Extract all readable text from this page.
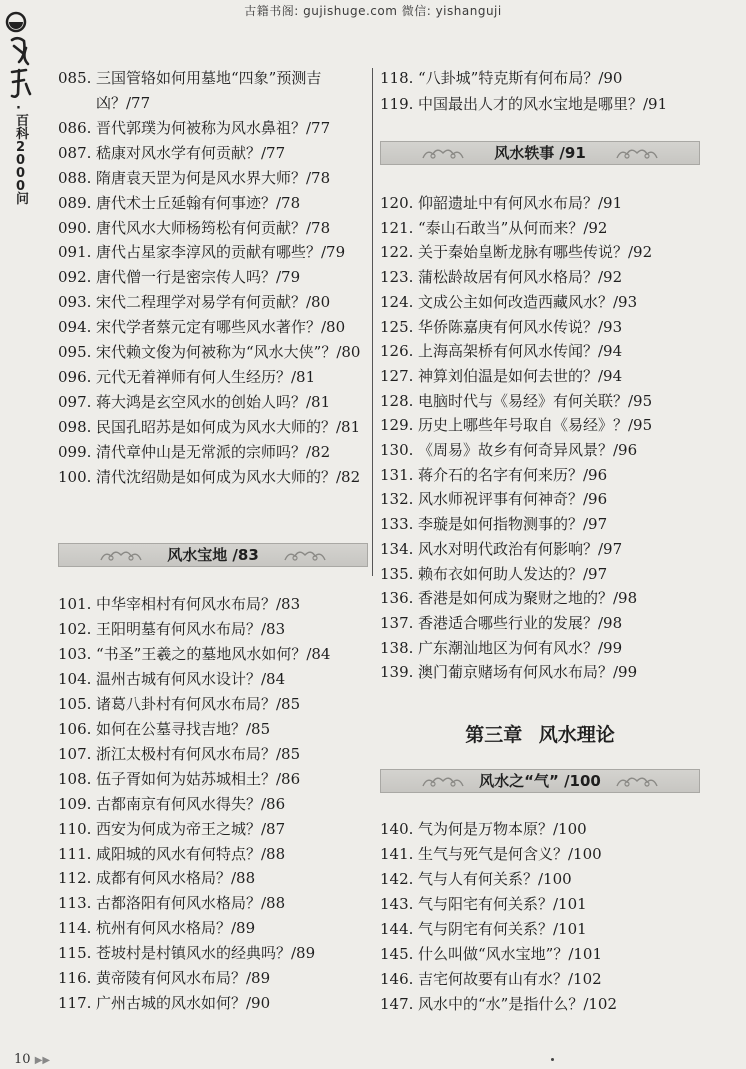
古籍书阁: gujishuge.com 微信: yishanguji
·百科2000问
085. 三国管辂如何用墓地“四象”预测吉凶？/77
086. 晋代郭璞为何被称为风水鼻祖？/77
087. 嵇康对风水学有何贡献？/77
088. 隋唐袁天罡为何是风水界大师？/78
089. 唐代术士丘延翰有何事迹？/78
090. 唐代风水大师杨筠松有何贡献？/78
091. 唐代占星家李淳风的贡献有哪些？/79
092. 唐代僧一行是密宗传人吗？/79
093. 宋代二程理学对易学有何贡献？/80
094. 宋代学者蔡元定有哪些风水著作？/80
095. 宋代赖文俊为何被称为“风水大侠”？/80
096. 元代无着禅师有何人生经历？/81
097. 蒋大鸿是玄空风水的创始人吗？/81
098. 民国孔昭苏是如何成为风水大师的？/81
099. 清代章仲山是无常派的宗师吗？/82
100. 清代沈绍勋是如何成为风水大师的？/82
风水宝地 /83
101. 中华宰相村有何风水布局？/83
102. 王阳明墓有何风水布局？/83
103. “书圣”王羲之的墓地风水如何？/84
104. 温州古城有何风水设计？/84
105. 诸葛八卦村有何风水布局？/85
106. 如何在公墓寻找吉地？/85
107. 浙江太极村有何风水布局？/85
108. 伍子胥如何为姑苏城相土？/86
109. 古都南京有何风水得失？/86
110. 西安为何成为帝王之城？/87
111. 咸阳城的风水有何特点？/88
112. 成都有何风水格局？/88
113. 古都洛阳有何风水格局？/88
114. 杭州有何风水格局？/89
115. 苍坡村是村镇风水的经典吗？/89
116. 黄帝陵有何风水布局？/89
117. 广州古城的风水如何？/90
118. “八卦城”特克斯有何布局？/90
119. 中国最出人才的风水宝地是哪里？/91
风水轶事 /91
120. 仰韶遗址中有何风水布局？/91
121. “泰山石敢当”从何而来？/92
122. 关于秦始皇断龙脉有哪些传说？/92
123. 蒲松龄故居有何风水格局？/92
124. 文成公主如何改造西藏风水？/93
125. 华侨陈嘉庚有何风水传说？/93
126. 上海高架桥有何风水传闻？/94
127. 神算刘伯温是如何去世的？/94
128. 电脑时代与《易经》有何关联？/95
129. 历史上哪些年号取自《易经》？/95
130. 《周易》故乡有何奇异风景？/96
131. 蒋介石的名字有何来历？/96
132. 风水师祝评事有何神奇？/96
133. 李璇是如何指物测事的？/97
134. 风水对明代政治有何影响？/97
135. 赖布衣如何助人发达的？/97
136. 香港是如何成为聚财之地的？/98
137. 香港适合哪些行业的发展？/98
138. 广东潮汕地区为何有风水？/99
139. 澳门葡京赌场有何风水布局？/99
第三章 风水理论
风水之“气” /100
140. 气为何是万物本原？/100
141. 生气与死气是何含义？/100
142. 气与人有何关系？/100
143. 气与阳宅有何关系？/101
144. 气与阴宅有何关系？/101
145. 什么叫做“风水宝地”？/101
146. 吉宅何故要有山有水？/102
147. 风水中的“水”是指什么？/102
10 ▶▶
